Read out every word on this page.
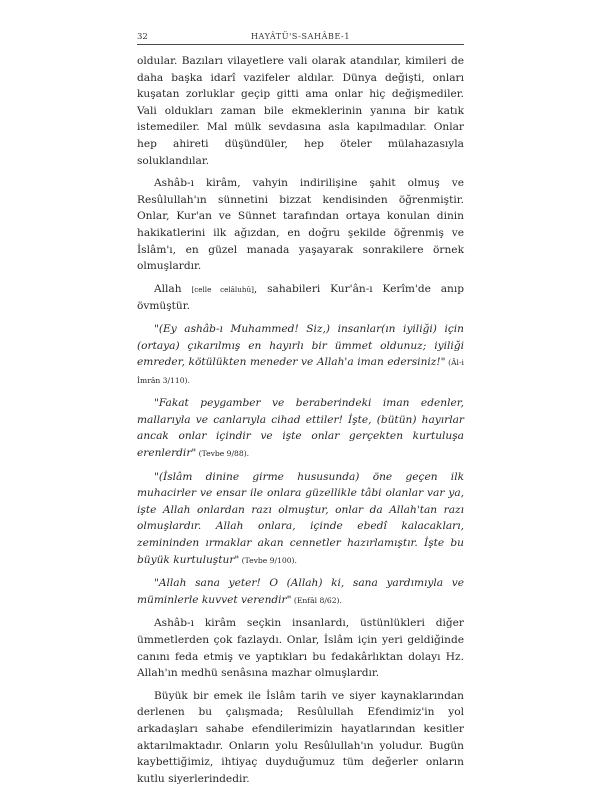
32	HAYÂTÜ'S-SAHÂBE-1

oldular. Bazıları vilayetlere vali olarak atandılar, kimileri de daha başka idarî vazifeler aldılar. Dünya değişti, onları kuşatan zorluklar geçip gitti ama onlar hiç değişmediler. Vali oldukları zaman bile ekmeklerinin yanına bir katık istemediler. Mal mülk sevdasına asla kapılmadılar. Onlar hep ahireti düşündüler, hep öteler mülahazasıyla soluklandılar.

Ashâb-ı kirâm, vahyin indirilişine şahit olmuş ve Resûlullah'ın sünnetini bizzat kendisinden öğrenmiştir. Onlar, Kur'an ve Sünnet tarafından ortaya konulan dinin hakikatlerini ilk ağızdan, en doğru şekilde öğrenmiş ve İslâm'ı, en güzel manada yaşayarak sonrakilere örnek olmuşlardır.

Allah [celle celâluhû], sahabileri Kur'ân-ı Kerîm'de anıp övmüştür.

"(Ey ashâb-ı Muhammed! Siz,) insanlar(ın iyiliği) için (ortaya) çıkarılmış en hayırlı bir ümmet oldunuz; iyiliği emreder, kötülükten meneder ve Allah'a iman edersiniz!" (Âl-i İmrân 3/110).

"Fakat peygamber ve beraberindeki iman edenler, mallarıyla ve canlarıyla cihad ettiler! İşte, (bütün) hayırlar ancak onlar içindir ve işte onlar gerçekten kurtuluşa erenlerdir" (Tevbe 9/88).

"(İslâm dinine girme hususunda) öne geçen ilk muhacirler ve ensar ile onlara güzellikle tâbi olanlar var ya, işte Allah onlardan razı olmuştur, onlar da Allah'tan razı olmuşlardır. Allah onlara, içinde ebedî kalacakları, zemininden ırmaklar akan cennetler hazırlamıştır. İşte bu büyük kurtuluştur" (Tevbe 9/100).

"Allah sana yeter! O (Allah) ki, sana yardımıyla ve müminlerle kuvvet verendir" (Enfâl 8/62).

Ashâb-ı kirâm seçkin insanlardı, üstünlükleri diğer ümmetlerden çok fazlaydı. Onlar, İslâm için yeri geldiğinde canını feda etmiş ve yaptıkları bu fedakârlıktan dolayı Hz. Allah'ın medhü senâsına mazhar olmuşlardır.

Büyük bir emek ile İslâm tarih ve siyer kaynaklarından derlenen bu çalışmada; Resûlullah Efendimiz'in yol arkadaşları sahabe efendilerimizin hayatlarından kesitler aktarılmaktadır. Onların yolu Resûlullah'ın yoludur. Bugün kaybettiğimiz, ihtiyaç duyduğumuz tüm değerler onların kutlu siyerlerindedir.
